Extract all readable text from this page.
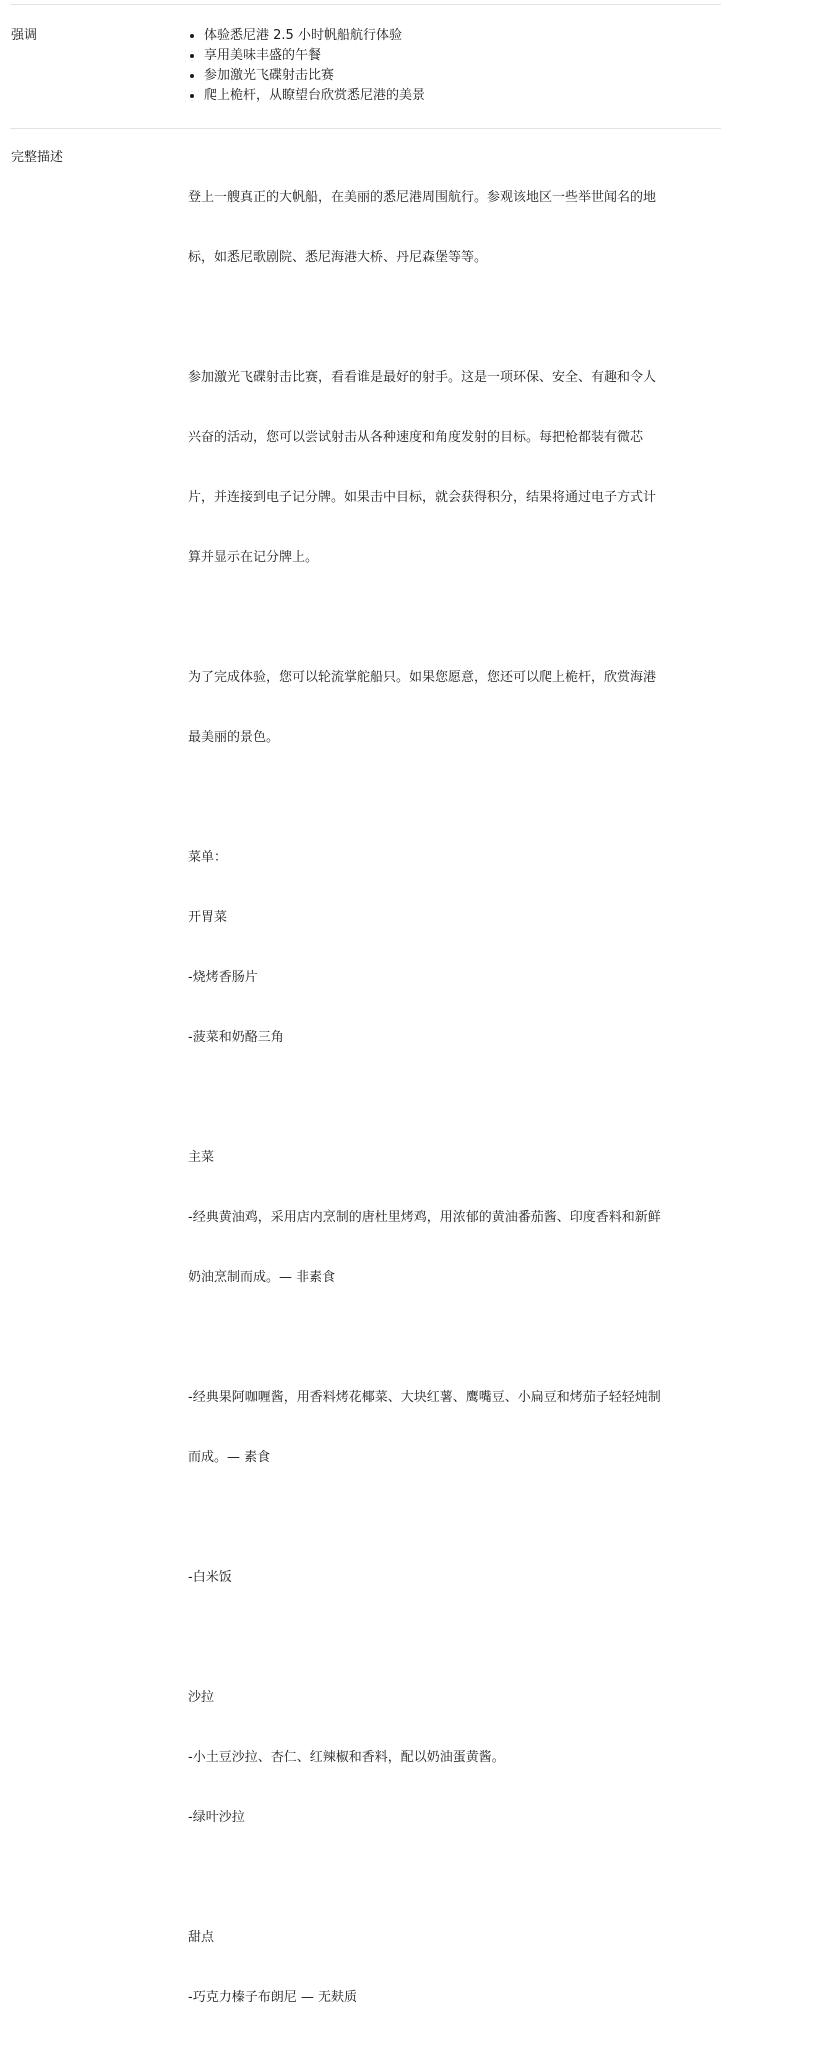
强调
•	体验悉尼港 2.5 小时帆船航行体验
• 享用美味丰盛的午餐
• 参加激光飞碟射击比赛
• 爬上桅杆，从瞭望台欣赏悉尼港的美景
完整描述

登上一艘真正的大帆船，在美丽的悉尼港周围航行。参观该地区一些举世闻名的地

标，如悉尼歌剧院、悉尼海港大桥、丹尼森堡等等。

参加激光飞碟射击比赛，看看谁是最好的射手。这是一项环保、安全、有趣和令人

兴奋的活动，您可以尝试射击从各种速度和角度发射的目标。每把枪都装有微芯

片，并连接到电子记分牌。如果击中目标，就会获得积分，结果将通过电子方式计

算并显示在记分牌上。

为了完成体验，您可以轮流掌舵船只。如果您愿意，您还可以爬上桅杆，欣赏海港

最美丽的景色。

菜单：

开胃菜

-烧烤香肠片

-菠菜和奶酪三角

主菜

-经典黄油鸡，采用店内烹制的唐杜里烤鸡，用浓郁的黄油番茄酱、印度香料和新鲜

奶油烹制而成。— 非素食

-经典果阿咖喱酱，用香料烤花椰菜、大块红薯、鹰嘴豆、小扁豆和烤茄子轻轻炖制

而成。— 素食

-白米饭

沙拉

-小土豆沙拉、杏仁、红辣椒和香料，配以奶油蛋黄酱。

-绿叶沙拉

甜点

-巧克力榛子布朗尼 — 无麸质
